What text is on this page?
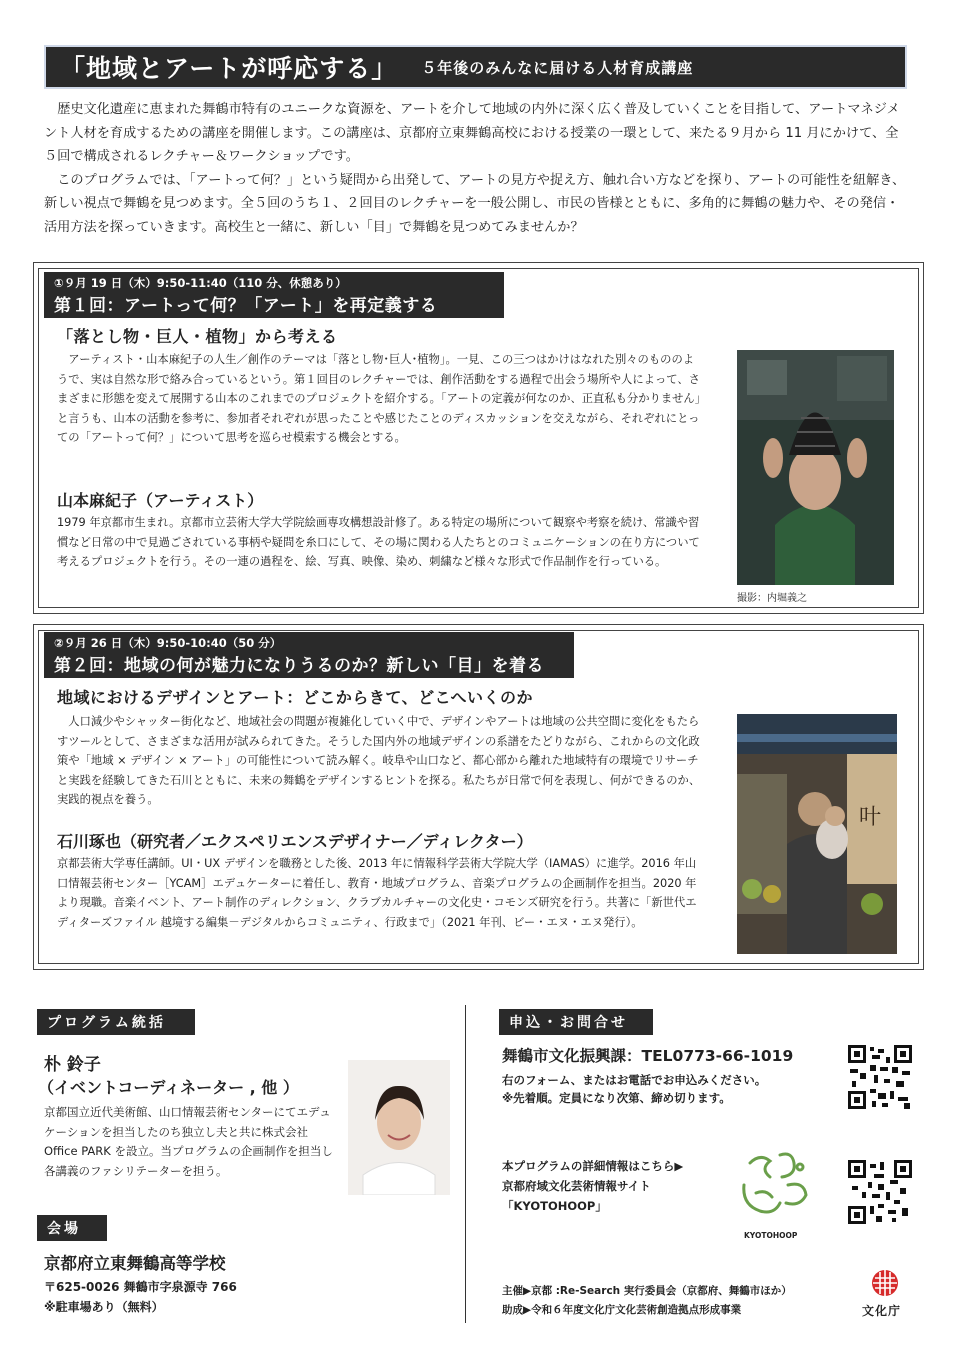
「地域とアートが呼応する」 ５年後のみんなに届ける人材育成講座

歴史文化遺産に恵まれた舞鶴市特有のユニークな資源を、アートを介して地域の内外に深く広く普及していくことを目指して、アートマネジメント人材を育成するための講座を開催します。この講座は、京都府立東舞鶴高校における授業の一環として、来たる９月から 11 月にかけて、全５回で構成されるレクチャー＆ワークショップです。

このプログラムでは、「アートって何？」という疑問から出発して、アートの見方や捉え方、触れ合い方などを探り、アートの可能性を紐解き、新しい視点で舞鶴を見つめます。全５回のうち１、２回目のレクチャーを一般公開し、市民の皆様とともに、多角的に舞鶴の魅力や、その発信・活用方法を探っていきます。高校生と一緒に、新しい「目」で舞鶴を見つめてみませんか？

①９月 19 日（木）9:50-11:40（110 分、休憩あり）
第１回：アートって何？「アート」を再定義する
「落とし物・巨人・植物」から考える
アーティスト・山本麻紀子の人生／創作のテーマは「落とし物･巨人･植物」。一見、この三つはかけはなれた別々のもののようで、実は自然な形で絡み合っているという。第１回目のレクチャーでは、創作活動をする過程で出会う場所や人によって、さまざまに形態を変えて展開する山本のこれまでのプロジェクトを紹介する。「アートの定義が何なのか、正直私も分かりません」と言うも、山本の活動を参考に、参加者それぞれが思ったことや感じたことのディスカッションを交えながら、それぞれにとっての「アートって何？」について思考を巡らせ模索する機会とする。
山本麻紀子（アーティスト）
1979 年京都市生まれ。京都市立芸術大学大学院絵画専攻構想設計修了。ある特定の場所について観察や考察を続け、常識や習慣など日常の中で見過ごされている事柄や疑問を糸口にして、その場に関わる人たちとのコミュニケーションの在り方について考えるプロジェクトを行う。その一連の過程を、絵、写真、映像、染め、刺繍など様々な形式で作品制作を行っている。
撮影：内堀義之
②９月 26 日（木）9:50-10:40（50 分）
第２回：地域の何が魅力になりうるのか？新しい「目」を着る
地域におけるデザインとアート：どこからきて、どこへいくのか
人口減少やシャッター街化など、地域社会の問題が複雑化していく中で、デザインやアートは地域の公共空間に変化をもたらすツールとして、さまざまな活用が試みられてきた。そうした国内外の地域デザインの系譜をたどりながら、これからの文化政策や「地域 × デザイン × アート」の可能性について読み解く。岐阜や山口など、都心部から離れた地域特有の環境でリサーチと実践を経験してきた石川とともに、未来の舞鶴をデザインするヒントを探る。私たちが日常で何を表現し、何ができるのか、実践的視点を養う。
石川琢也（研究者／エクスペリエンスデザイナー／ディレクター）
京都芸術大学専任講師。UI・UX デザインを職務とした後、2013 年に情報科学芸術大学院大学（IAMAS）に進学。2016 年山口情報芸術センター［YCAM］エデュケーターに着任し、教育・地域プログラム、音楽プログラムの企画制作を担当。2020 年より現職。音楽イベント、アート制作のディレクション、クラブカルチャーの文化史・コモンズ研究を行う。共著に「新世代エディターズファイル 越境する編集－デジタルからコミュニティ、行政まで」（2021 年刊、ビー・エヌ・エヌ発行）。
叶
プログラム統括
朴 鈴子
（イベントコーディネーター , 他 ）
京都国立近代美術館、山口情報芸術センターにてエデュケーションを担当したのち独立し夫と共に株式会社 Office PARK を設立。当プログラムの企画制作を担当し各講義のファシリテーターを担う。
会場
京都府立東舞鶴高等学校
〒625-0026 舞鶴市字泉源寺 766
※駐車場あり（無料）
申込・お問合せ
舞鶴市文化振興課：TEL0773-66-1019
右のフォーム、またはお電話でお申込みください。
※先着順。定員になり次第、締め切ります。
本プログラムの詳細情報はこちら▶
京都府域文化芸術情報サイト
「KYOTOHOOP」
KYOTOHOOP
主催▶京都 :Re-Search 実行委員会（京都府、舞鶴市ほか）
助成▶令和６年度文化庁文化芸術創造拠点形成事業	文化庁
